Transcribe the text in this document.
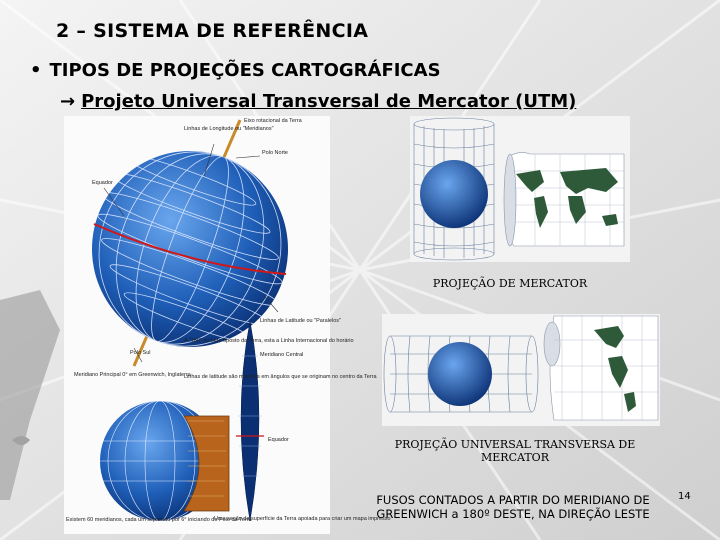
2 – SISTEMA DE REFERÊNCIA
• TIPOS DE PROJEÇÕES CARTOGRÁFICAS
→ Projeto Universal Transversal de Mercator (UTM)
Eixo rotacional da Terra
Linhas de Longitude ou "Meridianos"
Polo Norte
Equador
Linhas de Latitude ou "Paralelos"
Polo Sul
A "180" no lado oposto da Terra, esta a Linha Internacional do horário
Meridiano Central
Meridiano Principal 0° em Greenwich, Inglaterra
Linhas de latitude são medidas em ângulos que se originam no centro da Terra
Equador
Existem 60 meridianos, cada um separado por 6° iniciando do Polo da Terra
Uma seção da superfície da Terra apoiada para criar um mapa impresso
PROJEÇÃO DE MERCATOR
PROJEÇÃO UNIVERSAL TRANSVERSA DE
MERCATOR
FUSOS CONTADOS A PARTIR DO MERIDIANO DE
GREENWICH a 180º DESTE, NA DIREÇÃO LESTE
14
